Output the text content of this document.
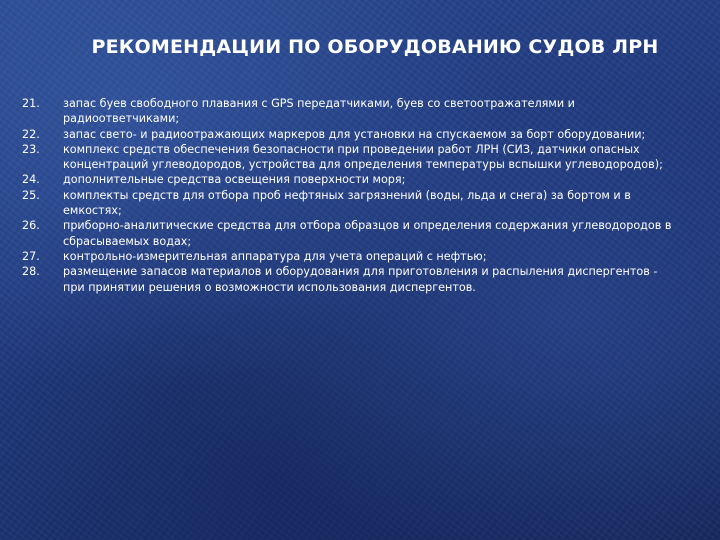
РЕКОМЕНДАЦИИ ПО ОБОРУДОВАНИЮ СУДОВ ЛРН
21.	запас буев свободного плавания с GPS передатчиками, буев со светоотражателями и радиоответчиками;
22.	запас свето- и радиоотражающих маркеров для установки на спускаемом за борт оборудовании;
23.	комплекс средств обеспечения безопасности при проведении работ ЛРН (СИЗ, датчики опасных концентраций углеводородов, устройства для определения температуры вспышки углеводородов);
24.	дополнительные средства освещения поверхности моря;
25.	комплекты средств для отбора проб нефтяных загрязнений (воды, льда и снега) за бортом и в емкостях;
26.	приборно-аналитические средства для отбора образцов и определения содержания углеводородов в сбрасываемых водах;
27.	контрольно-измерительная аппаратура для учета операций с нефтью;
28.	размещение запасов материалов и оборудования для приготовления и распыления диспергентов - при принятии решения о возможности использования диспергентов.
